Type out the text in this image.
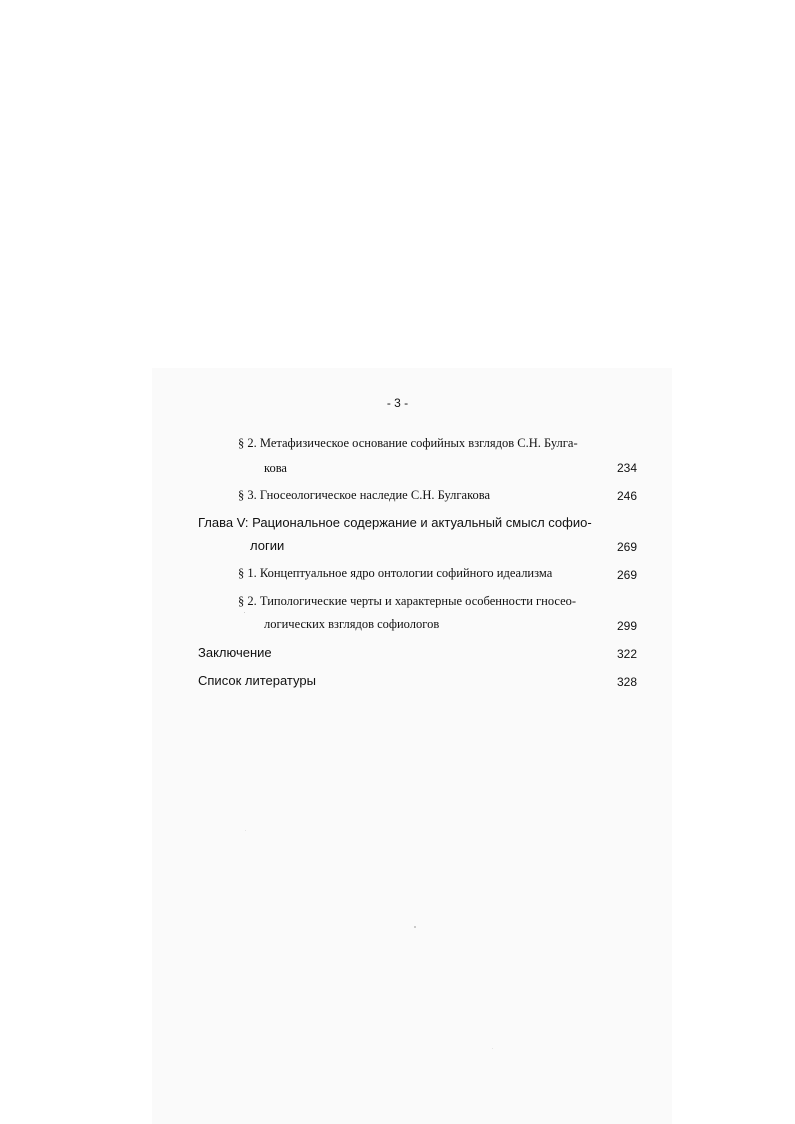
- 3 -
§ 2. Метафизическое основание софийных взглядов С.Н. Булга-
кова	234
§ 3. Гносеологическое наследие С.Н. Булгакова	246
Глава V: Рациональное содержание и актуальный смысл софио-
логии	269
§ 1. Концептуальное ядро онтологии софийного идеализма	269
§ 2. Типологические черты и характерные особенности гносео-
логических взглядов софиологов	299
Заключение	322
Список литературы	328
